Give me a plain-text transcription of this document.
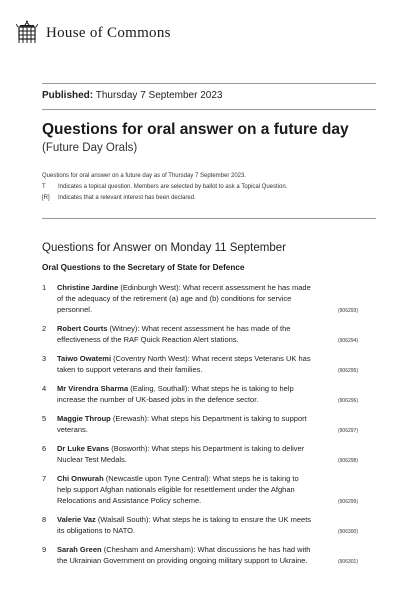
House of Commons
Published: Thursday 7 September 2023
Questions for oral answer on a future day
(Future Day Orals)
Questions for oral answer on a future day as of Thursday 7 September 2023.
T	Indicates a topical question. Members are selected by ballot to ask a Topical Question.
[R]	Indicates that a relevant interest has been declared.
Questions for Answer on Monday 11 September
Oral Questions to the Secretary of State for Defence
1	Christine Jardine (Edinburgh West): What recent assessment he has made of the adequacy of the retirement (a) age and (b) conditions for service personnel.	(906293)
2	Robert Courts (Witney): What recent assessment he has made of the effectiveness of the RAF Quick Reaction Alert stations.	(906294)
3	Taiwo Owatemi (Coventry North West): What recent steps Veterans UK has taken to support veterans and their families.	(906295)
4	Mr Virendra Sharma (Ealing, Southall): What steps he is taking to help increase the number of UK-based jobs in the defence sector.	(906296)
5	Maggie Throup (Erewash): What steps his Department is taking to support veterans.	(906297)
6	Dr Luke Evans (Bosworth): What steps his Department is taking to deliver Nuclear Test Medals.	(906298)
7	Chi Onwurah (Newcastle upon Tyne Central): What steps he is taking to help support Afghan nationals eligible for resettlement under the Afghan Relocations and Assistance Policy scheme.	(906299)
8	Valerie Vaz (Walsall South): What steps he is taking to ensure the UK meets its obligations to NATO.	(906300)
9	Sarah Green (Chesham and Amersham): What discussions he has had with the Ukrainian Government on providing ongoing military support to Ukraine.	(906301)
